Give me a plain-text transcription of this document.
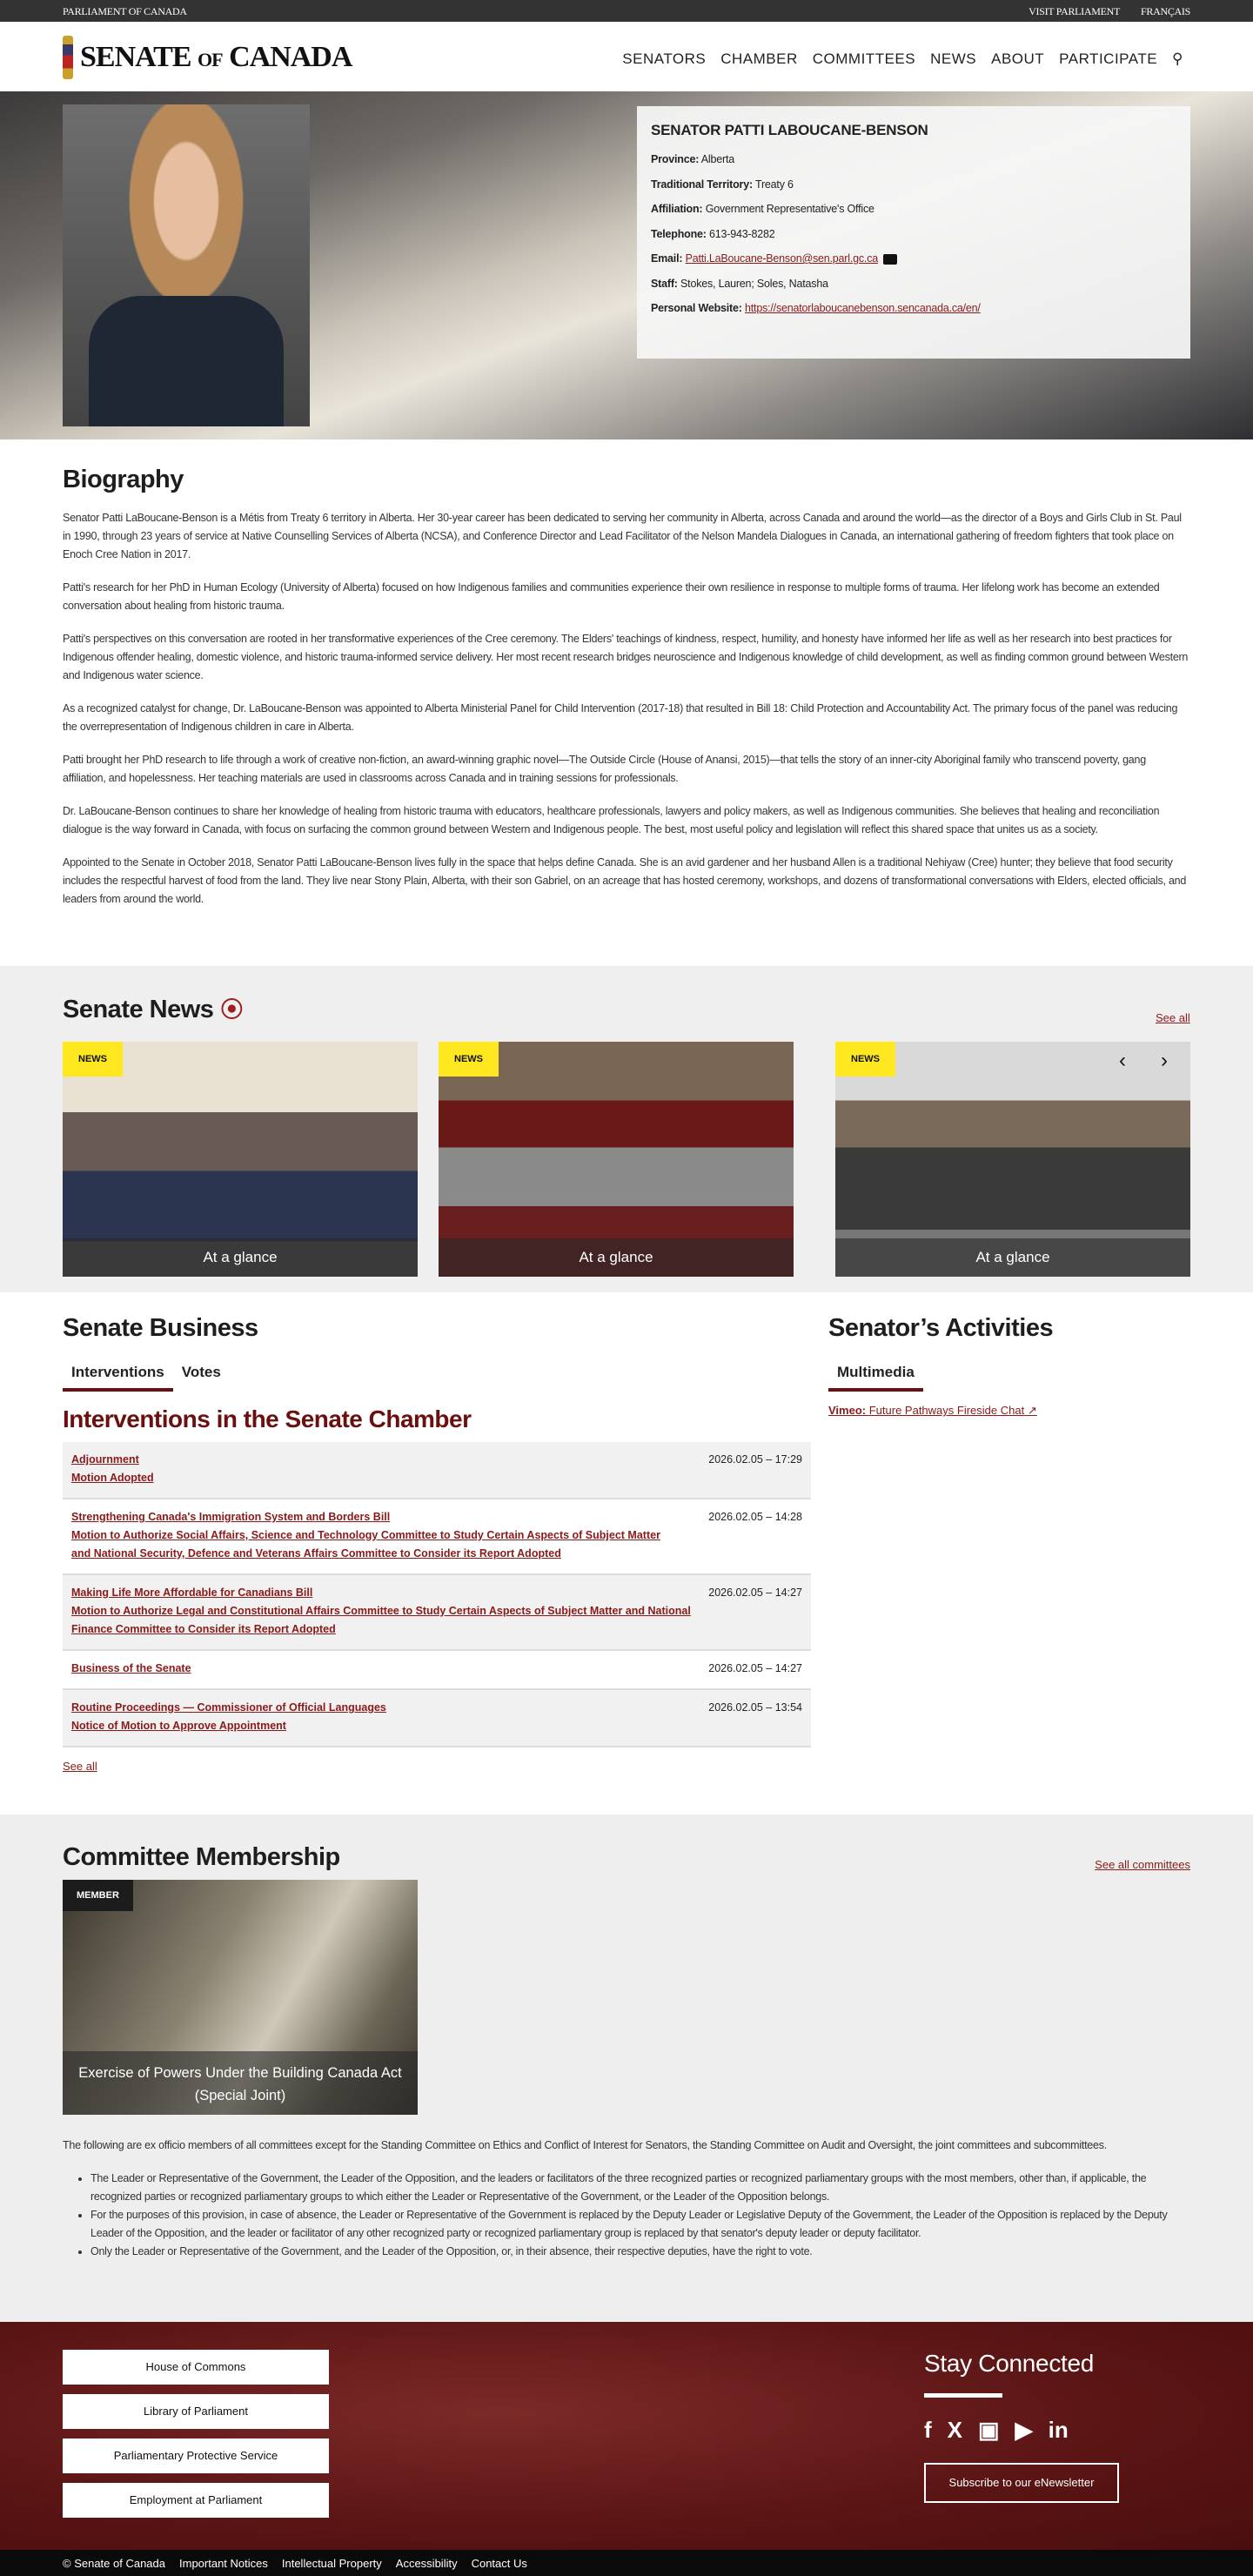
PARLIAMENT OF CANADA	VISIT PARLIAMENT FRANÇAIS
SENATE OF CANADA	SENATORS CHAMBER COMMITTEES NEWS ABOUT PARTICIPATE ⚲
SENATOR PATTI LABOUCANE-BENSON
Province: Alberta
Traditional Territory: Treaty 6
Affiliation: Government Representative's Office
Telephone: 613-943-8282
Email: Patti.LaBoucane-Benson@sen.parl.gc.ca
Staff: Stokes, Lauren; Soles, Natasha
Personal Website: https://senatorlaboucanebenson.sencanada.ca/en/
Biography

Senator Patti LaBoucane-Benson is a Métis from Treaty 6 territory in Alberta. Her 30-year career has been dedicated to serving her community in Alberta, across Canada and around the world—as the director of a Boys and Girls Club in St. Paul in 1990, through 23 years of service at Native Counselling Services of Alberta (NCSA), and Conference Director and Lead Facilitator of the Nelson Mandela Dialogues in Canada, an international gathering of freedom fighters that took place on Enoch Cree Nation in 2017.

Patti's research for her PhD in Human Ecology (University of Alberta) focused on how Indigenous families and communities experience their own resilience in response to multiple forms of trauma. Her lifelong work has become an extended conversation about healing from historic trauma.

Patti's perspectives on this conversation are rooted in her transformative experiences of the Cree ceremony. The Elders' teachings of kindness, respect, humility, and honesty have informed her life as well as her research into best practices for Indigenous offender healing, domestic violence, and historic trauma-informed service delivery. Her most recent research bridges neuroscience and Indigenous knowledge of child development, as well as finding common ground between Western and Indigenous water science.

As a recognized catalyst for change, Dr. LaBoucane-Benson was appointed to Alberta Ministerial Panel for Child Intervention (2017-18) that resulted in Bill 18: Child Protection and Accountability Act. The primary focus of the panel was reducing the overrepresentation of Indigenous children in care in Alberta.

Patti brought her PhD research to life through a work of creative non-fiction, an award-winning graphic novel—The Outside Circle (House of Anansi, 2015)—that tells the story of an inner-city Aboriginal family who transcend poverty, gang affiliation, and hopelessness. Her teaching materials are used in classrooms across Canada and in training sessions for professionals.

Dr. LaBoucane-Benson continues to share her knowledge of healing from historic trauma with educators, healthcare professionals, lawyers and policy makers, as well as Indigenous communities. She believes that healing and reconciliation dialogue is the way forward in Canada, with focus on surfacing the common ground between Western and Indigenous people. The best, most useful policy and legislation will reflect this shared space that unites us as a society.

Appointed to the Senate in October 2018, Senator Patti LaBoucane-Benson lives fully in the space that helps define Canada. She is an avid gardener and her husband Allen is a traditional Nehiyaw (Cree) hunter; they believe that food security includes the respectful harvest of food from the land. They live near Stony Plain, Alberta, with their son Gabriel, on an acreage that has hosted ceremony, workshops, and dozens of transformational conversations with Elders, elected officials, and leaders from around the world.

Senate News ⦿	See all
NEWS
At a glance
NEWS
At a glance
NEWS	‹ ›
At a glance
Senate Business
Interventions	Votes
Interventions in the Senate Chamber
Adjournment
Motion Adopted
2026.02.05 – 17:29
Strengthening Canada's Immigration System and Borders Bill
Motion to Authorize Social Affairs, Science and Technology Committee to Study Certain Aspects of Subject Matter and National Security, Defence and Veterans Affairs Committee to Consider its Report Adopted
2026.02.05 – 14:28
Making Life More Affordable for Canadians Bill
Motion to Authorize Legal and Constitutional Affairs Committee to Study Certain Aspects of Subject Matter and National Finance Committee to Consider its Report Adopted
2026.02.05 – 14:27
Business of the Senate	2026.02.05 – 14:27
Routine Proceedings — Commissioner of Official Languages
Notice of Motion to Approve Appointment
2026.02.05 – 13:54
See all
Senator’s Activities
Multimedia
Vimeo: Future Pathways Fireside Chat ↗
Committee Membership	See all committees
MEMBER
Exercise of Powers Under the Building Canada Act (Special Joint)

The following are ex officio members of all committees except for the Standing Committee on Ethics and Conflict of Interest for Senators, the Standing Committee on Audit and Oversight, the joint committees and subcommittees.

• The Leader or Representative of the Government, the Leader of the Opposition, and the leaders or facilitators of the three recognized parties or recognized parliamentary groups with the most members, other than, if applicable, the recognized parties or recognized parliamentary groups to which either the Leader or Representative of the Government, or the Leader of the Opposition belongs.
• For the purposes of this provision, in case of absence, the Leader or Representative of the Government is replaced by the Deputy Leader or Legislative Deputy of the Government, the Leader of the Opposition is replaced by the Deputy Leader of the Opposition, and the leader or facilitator of any other recognized party or recognized parliamentary group is replaced by that senator's deputy leader or deputy facilitator.
• Only the Leader or Representative of the Government, and the Leader of the Opposition, or, in their absence, their respective deputies, have the right to vote.
House of Commons
Library of Parliament
Parliamentary Protective Service
Employment at Parliament
Stay Connected
f X ▣ ▶ in
Subscribe to our eNewsletter
© Senate of Canada Important Notices Intellectual Property Accessibility Contact Us
